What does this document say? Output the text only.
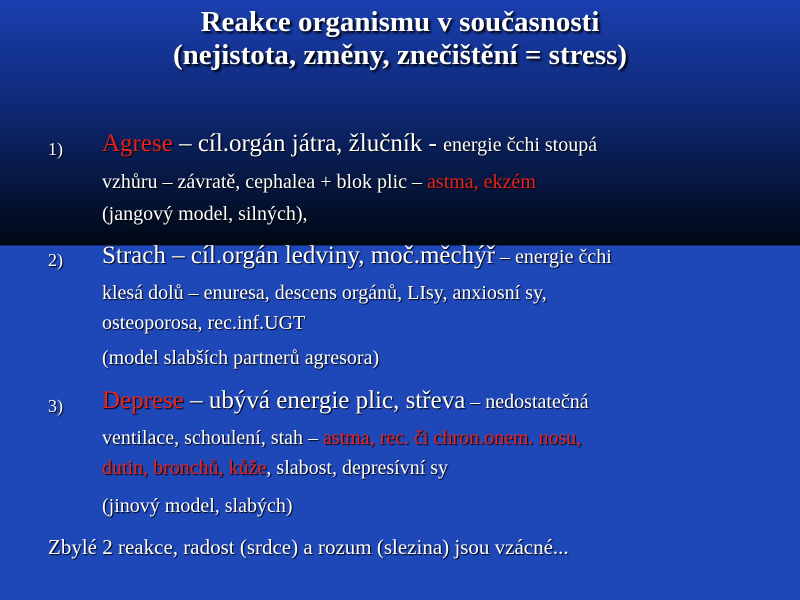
Reakce organismu v současnosti
(nejistota, změny, znečištění = stress)
1) Agrese – cíl.orgán játra, žlučník - energie čchi stoupá
vzhůru – závratě, cephalea + blok plic – astma, ekzém
(jangový model, silných),
2) Strach – cíl.orgán ledviny, moč.měchýř – energie čchi
klesá dolů – enuresa, descens orgánů, LIsy, anxiosní sy,
osteoporosa, rec.inf.UGT
(model slabších partnerů agresora)
3) Deprese – ubývá energie plic, střeva – nedostatečná
ventilace, schoulení, stah – astma, rec. či chron.onem. nosu,
dutin, bronchů, kůže, slabost, depresívní sy
(jinový model, slabých)
Zbylé 2 reakce, radost (srdce) a rozum (slezina) jsou vzácné...
